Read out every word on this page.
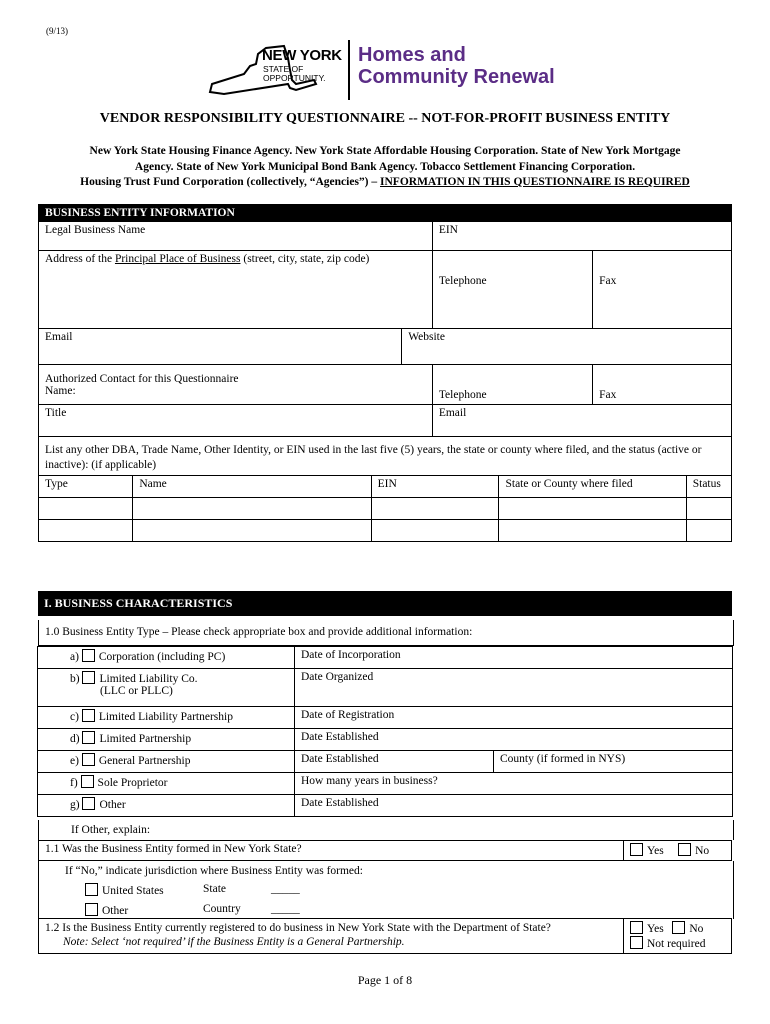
(9/13)
NEW YORK
STATE OF
OPPORTUNITY.
Homes and
Community Renewal
VENDOR RESPONSIBILITY QUESTIONNAIRE -- NOT-FOR-PROFIT BUSINESS ENTITY
New York State Housing Finance Agency. New York State Affordable Housing Corporation. State of New York Mortgage
Agency. State of New York Municipal Bond Bank Agency. Tobacco Settlement Financing Corporation.
Housing Trust Fund Corporation (collectively, “Agencies”) – INFORMATION IN THIS QUESTIONNAIRE IS REQUIRED
BUSINESS ENTITY INFORMATION							
Legal Business Name				EIN			
Address of the Principal Place of Business (street, city, state, zip code)				Telephone		Fax	
Email			Website				

Authorized Contact for this Questionnaire
Name:				Telephone		Fax	
Title				Email			
List any other DBA, Trade Name, Other Identity, or EIN used in the last five (5) years, the state or county where filed, and the status (active or inactive): (if applicable)							
Type	Name	EIN			State or County where filed		Status

I. BUSINESS CHARACTERISTICS
1.0 Business Entity Type – Please check appropriate box and provide additional information:
a) Corporation (including PC)	Date of Incorporation	
b) Limited Liability Co.
(LLC or PLLC)	Date Organized	
c) Limited Liability Partnership	Date of Registration	
d) Limited Partnership	Date Established	
e) General Partnership	Date Established	County (if formed in NYS)
f) Sole Proprietor	How many years in business?	
g) Other	Date Established	
If Other, explain:
1.1 Was the Business Entity formed in New York State?	Yes	No
If “No,” indicate jurisdiction where Business Entity was formed:
United States	State	_____
Other	Country	_____
1.2 Is the Business Entity currently registered to do business in New York State with the Department of State?
Note: Select ‘not required’ if the Business Entity is a General Partnership.

Yes No
Not required
Page 1 of 8
